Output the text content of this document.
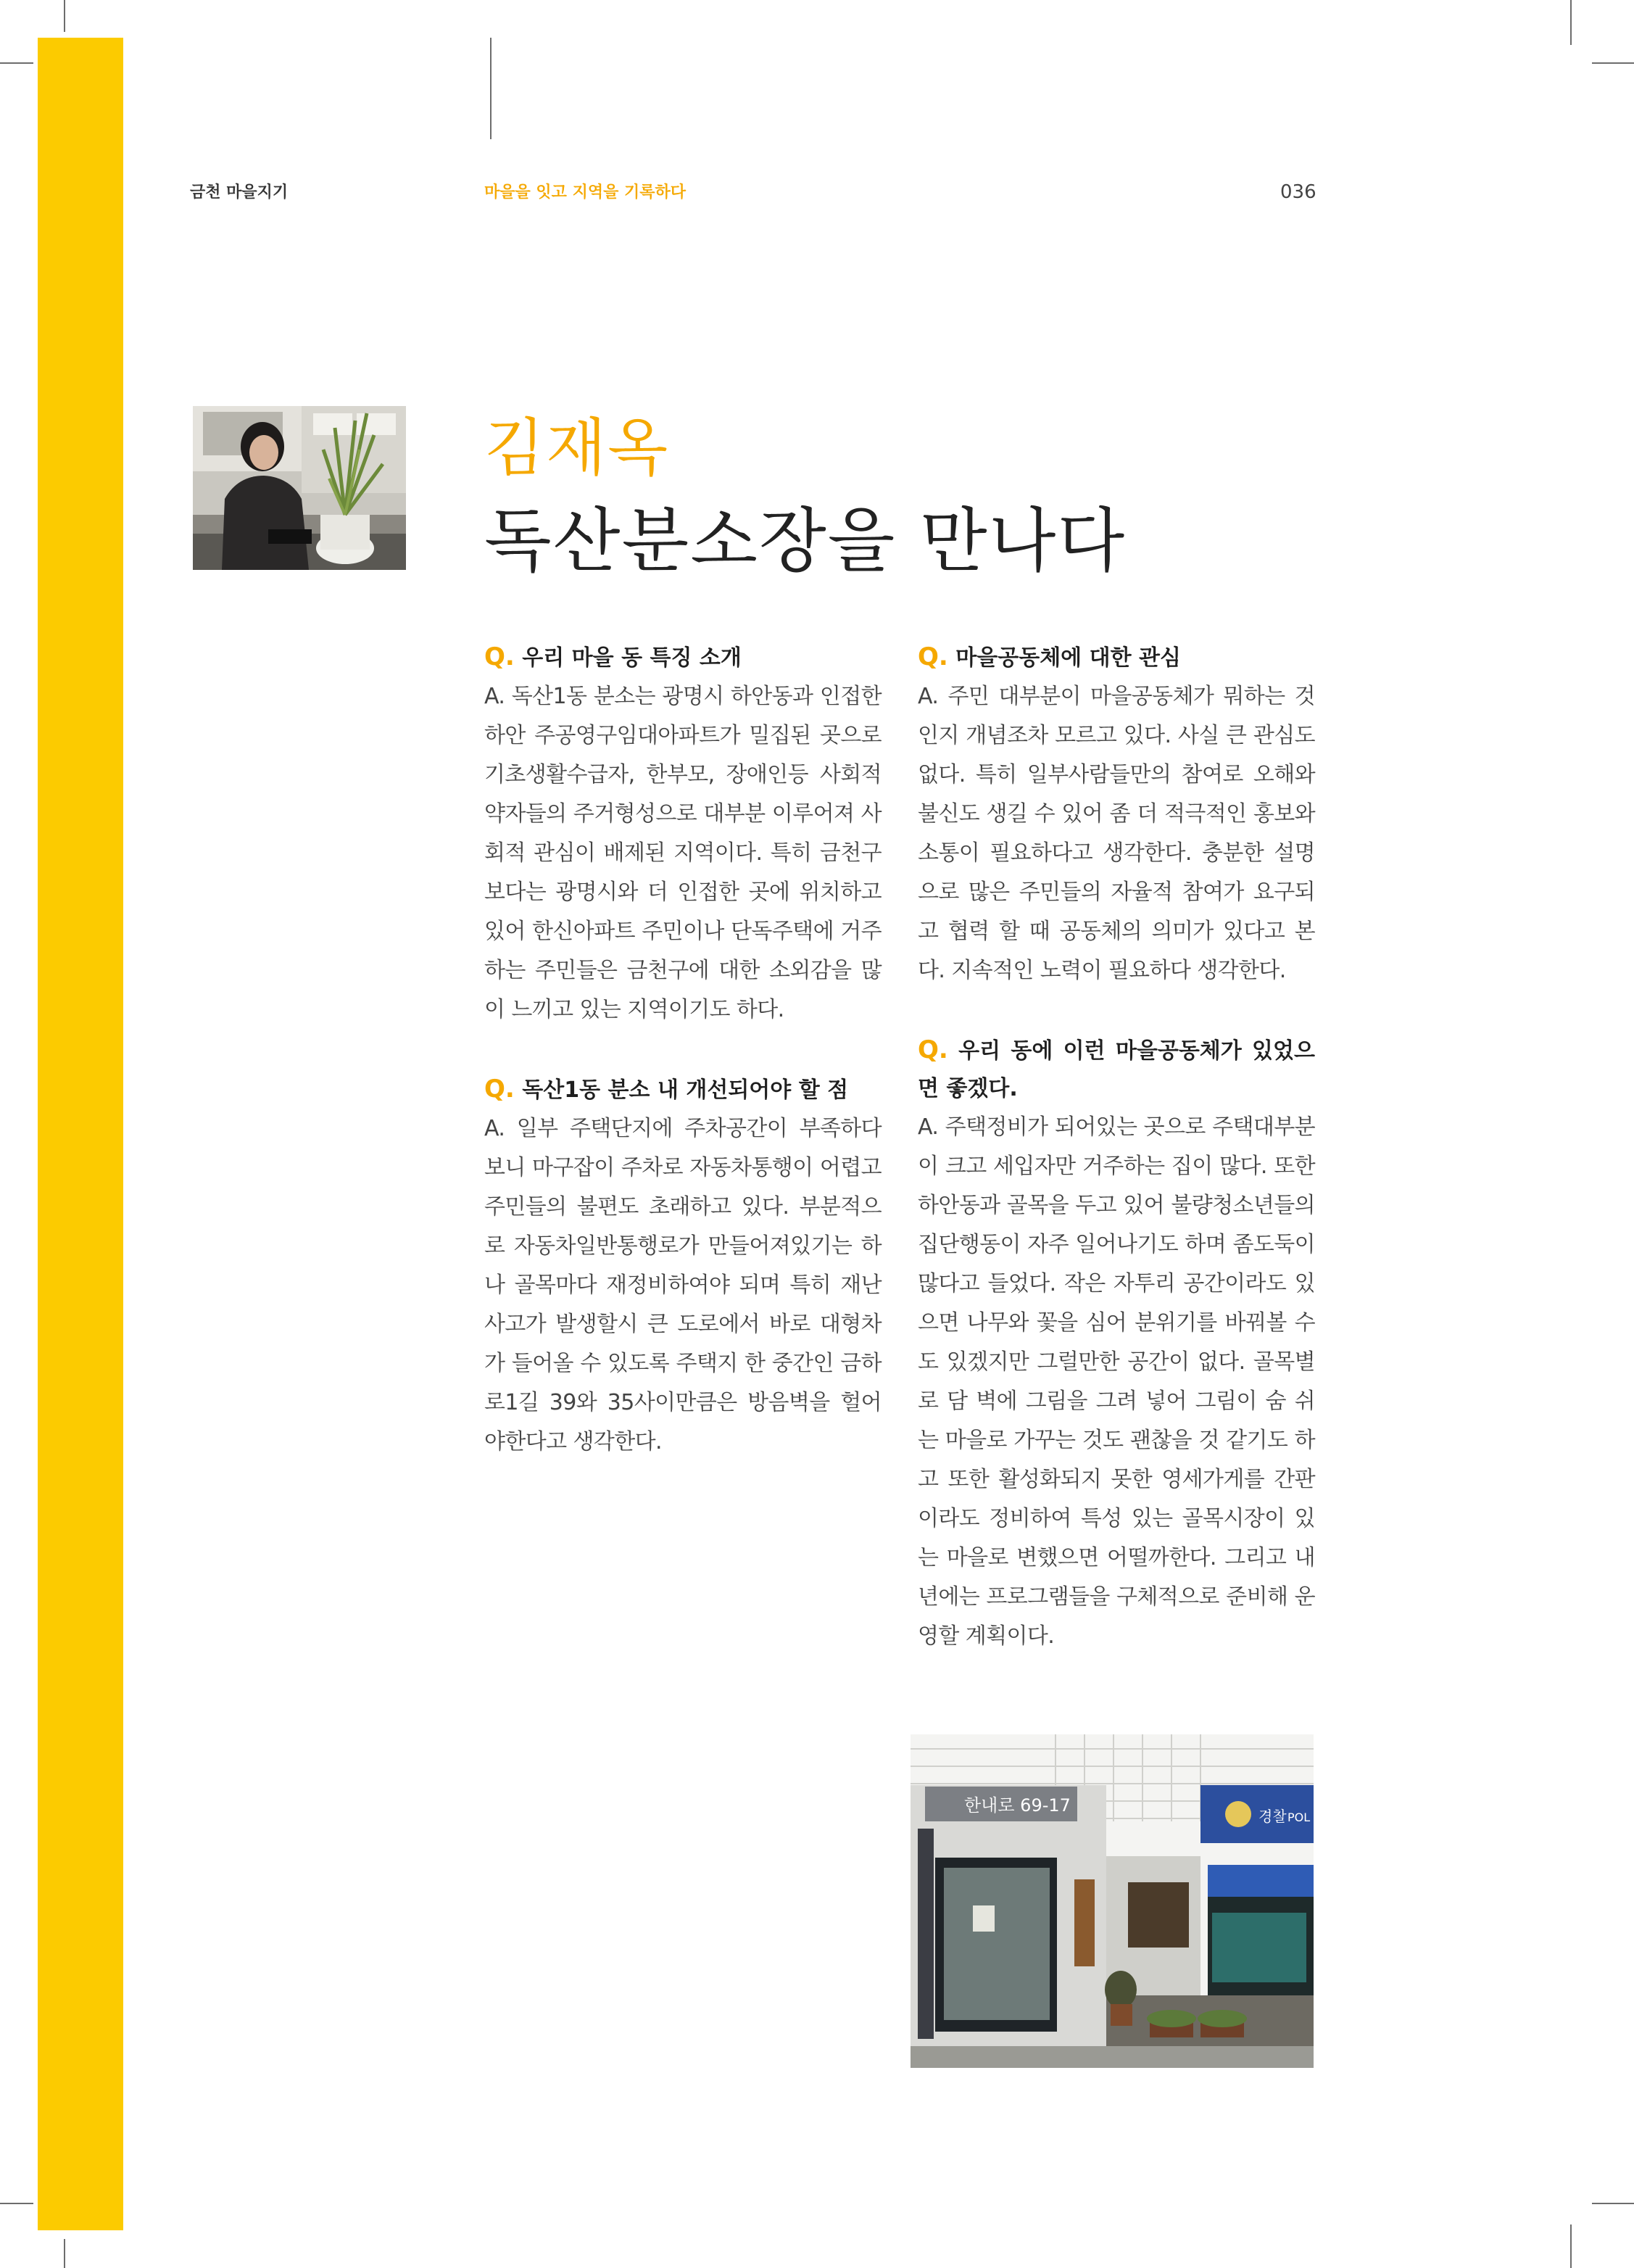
금천 마을지기	마을을 잇고 지역을 기록하다	036
김재옥
독산분소장을 만나다

Q. 우리 마을 동 특징 소개

A. 독산1동 분소는 광명시 하안동과 인접한 하안 주공영구임대아파트가 밀집된 곳으로 기초생활수급자, 한부모, 장애인등 사회적 약자들의 주거형성으로 대부분 이루어져 사회적 관심이 배제된 지역이다. 특히 금천구 보다는 광명시와 더 인접한 곳에 위치하고 있어 한신아파트 주민이나 단독주택에 거주하는 주민들은 금천구에 대한 소외감을 많이 느끼고 있는 지역이기도 하다.

Q. 독산1동 분소 내 개선되어야 할 점

A. 일부 주택단지에 주차공간이 부족하다 보니 마구잡이 주차로 자동차통행이 어렵고 주민들의 불편도 초래하고 있다. 부분적으로 자동차일반통행로가 만들어져있기는 하나 골목마다 재정비하여야 되며 특히 재난사고가 발생할시 큰 도로에서 바로 대형차가 들어올 수 있도록 주택지 한 중간인 금하로1길 39와 35사이만큼은 방음벽을 헐어야한다고 생각한다.

Q. 마을공동체에 대한 관심

A. 주민 대부분이 마을공동체가 뭐하는 것인지 개념조차 모르고 있다. 사실 큰 관심도 없다. 특히 일부사람들만의 참여로 오해와 불신도 생길 수 있어 좀 더 적극적인 홍보와 소통이 필요하다고 생각한다. 충분한 설명으로 많은 주민들의 자율적 참여가 요구되고 협력 할 때 공동체의 의미가 있다고 본다. 지속적인 노력이 필요하다 생각한다.

Q. 우리 동에 이런 마을공동체가 있었으면 좋겠다.

A. 주택정비가 되어있는 곳으로 주택대부분이 크고 세입자만 거주하는 집이 많다. 또한 하안동과 골목을 두고 있어 불량청소년들의 집단행동이 자주 일어나기도 하며 좀도둑이 많다고 들었다. 작은 자투리 공간이라도 있으면 나무와 꽃을 심어 분위기를 바꿔볼 수도 있겠지만 그럴만한 공간이 없다. 골목별로 담 벽에 그림을 그려 넣어 그림이 숨 쉬는 마을로 가꾸는 것도 괜찮을 것 같기도 하고 또한 활성화되지 못한 영세가게를 간판이라도 정비하여 특성 있는 골목시장이 있는 마을로 변했으면 어떨까한다. 그리고 내년에는 프로그램들을 구체적으로 준비해 운영할 계획이다.

한내로 69-17
경찰 POL
